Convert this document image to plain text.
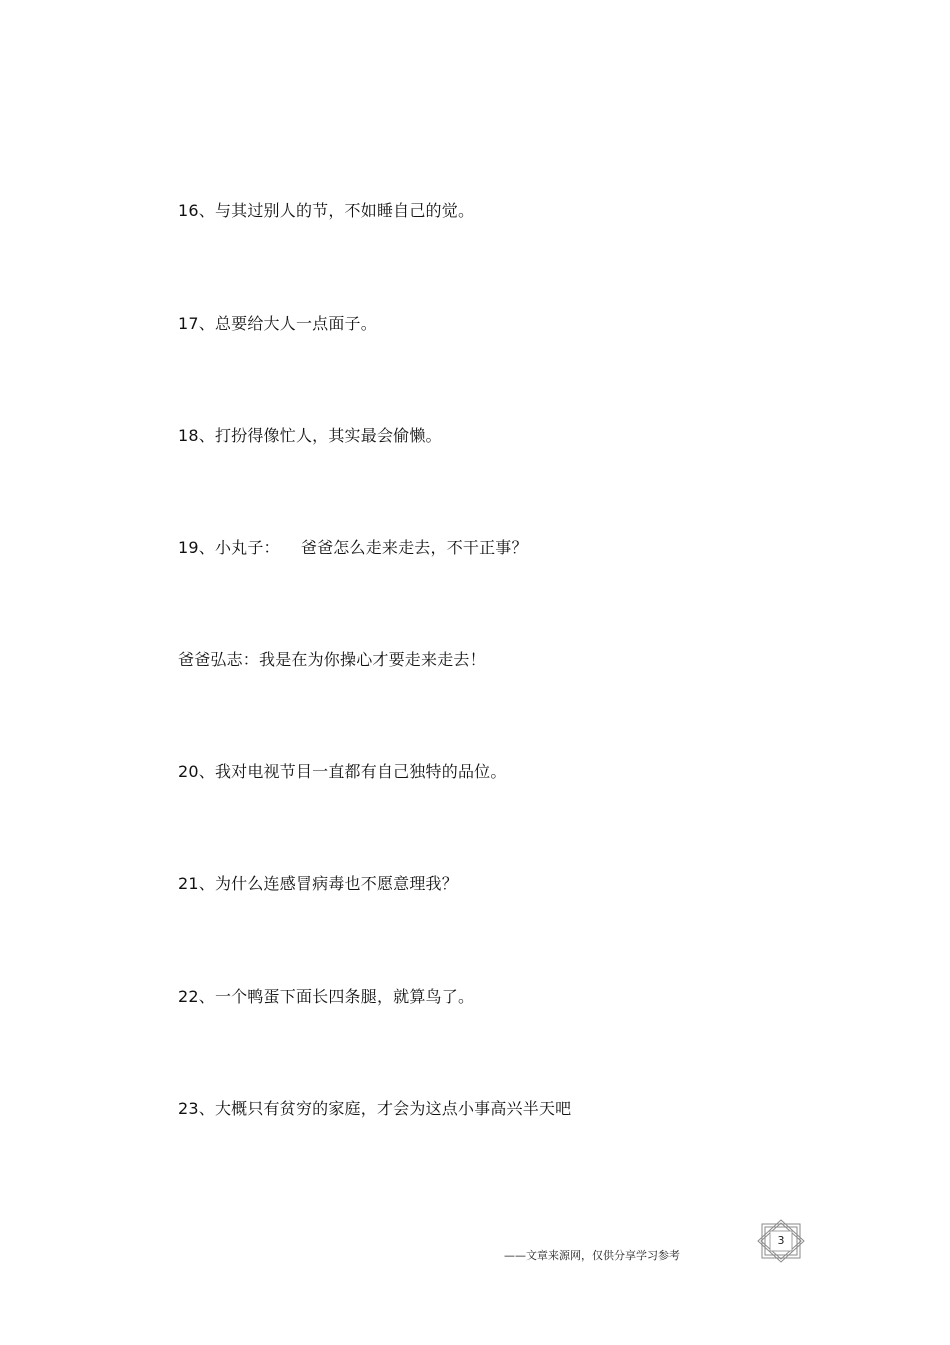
16、与其过别人的节，不如睡自己的觉。
17、总要给大人一点面子。
18、打扮得像忙人，其实最会偷懒。
19、小丸子：    爸爸怎么走来走去，不干正事？
爸爸弘志：我是在为你操心才要走来走去！
20、我对电视节目一直都有自己独特的品位。
21、为什么连感冒病毒也不愿意理我？
22、一个鸭蛋下面长四条腿，就算鸟了。
23、大概只有贫穷的家庭，才会为这点小事高兴半天吧
——文章来源网，仅供分享学习参考
3
